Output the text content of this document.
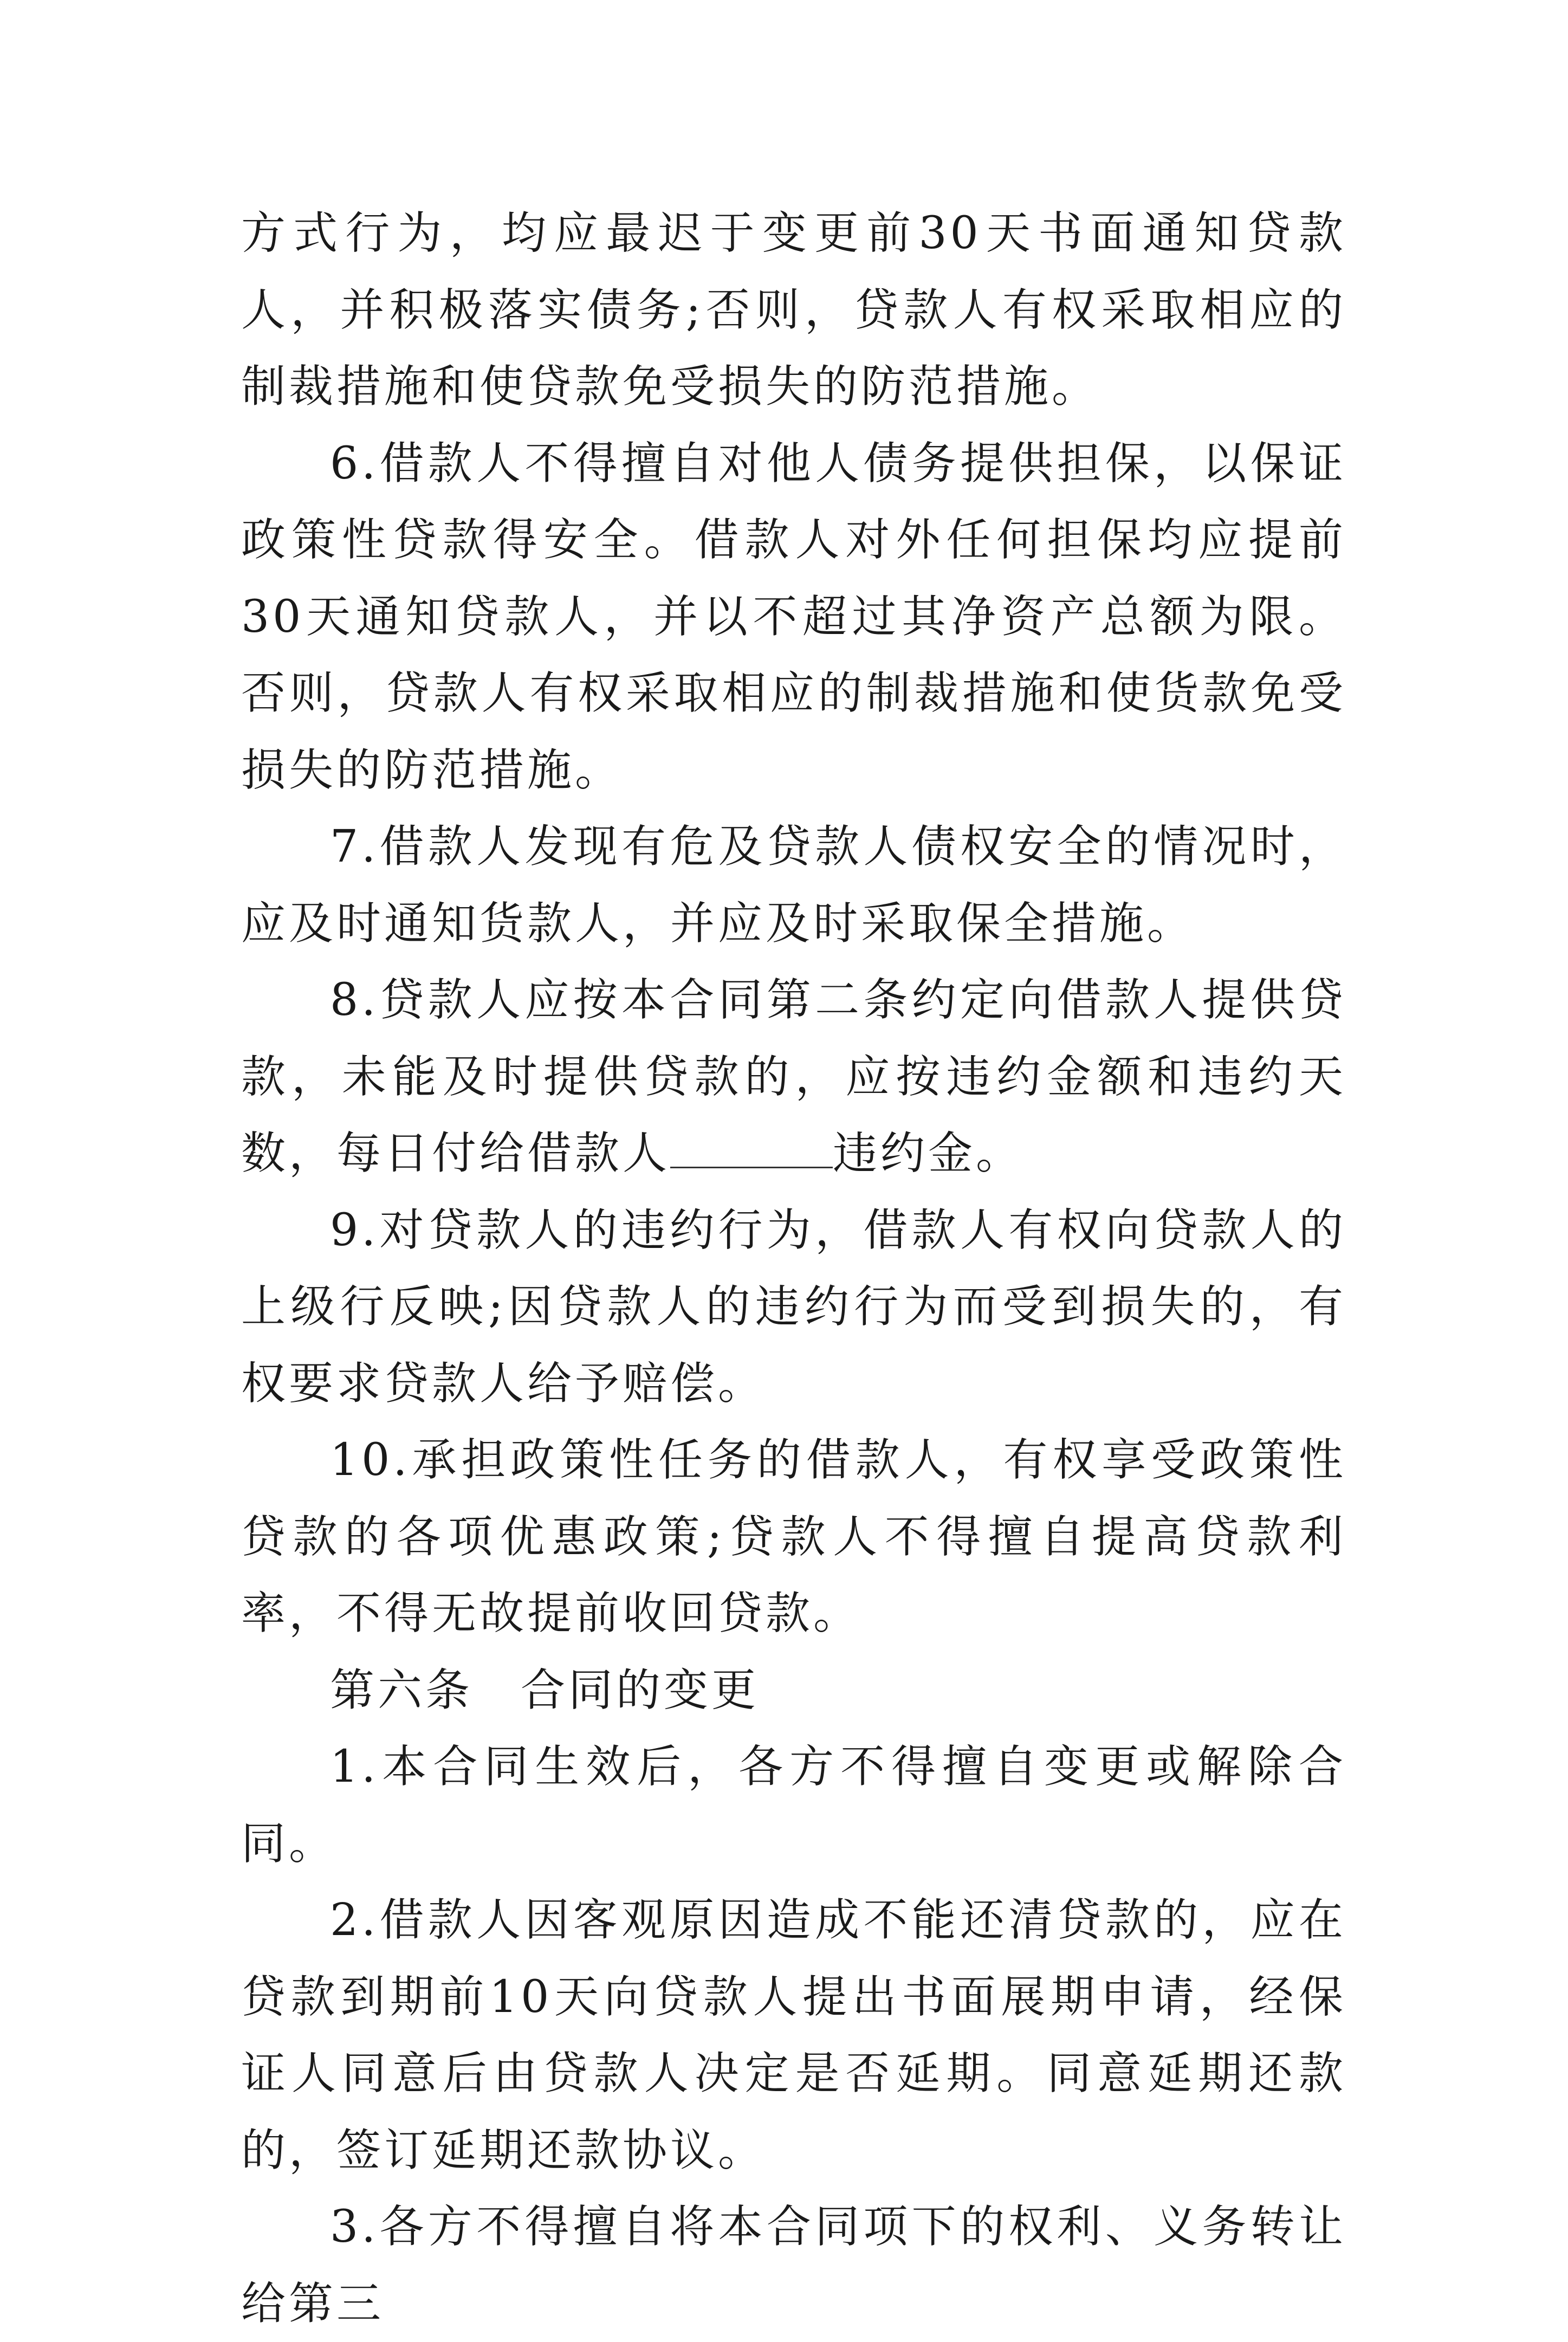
方式行为，均应最迟于变更前30天书面通知贷款人，并积极落实债务;否则，贷款人有权采取相应的制裁措施和使贷款免受损失的防范措施。

6.借款人不得擅自对他人债务提供担保，以保证政策性贷款得安全。借款人对外任何担保均应提前30天通知贷款人，并以不超过其净资产总额为限。否则，贷款人有权采取相应的制裁措施和使货款免受损失的防范措施。

7.借款人发现有危及贷款人债权安全的情况时，应及时通知货款人，并应及时采取保全措施。

8.贷款人应按本合同第二条约定向借款人提供贷款，未能及时提供贷款的，应按违约金额和违约天数，每日付给借款人	违约金。

9.对贷款人的违约行为，借款人有权向贷款人的上级行反映;因贷款人的违约行为而受到损失的，有权要求贷款人给予赔偿。

10.承担政策性任务的借款人，有权享受政策性贷款的各项优惠政策;贷款人不得擅自提高贷款利率，不得无故提前收回贷款。

第六条　合同的变更

1.本合同生效后，各方不得擅自变更或解除合同。

2.借款人因客观原因造成不能还清贷款的，应在贷款到期前10天向贷款人提出书面展期申请，经保证人同意后由贷款人决定是否延期。同意延期还款的，签订延期还款协议。

3.各方不得擅自将本合同项下的权利、义务转让给第三
